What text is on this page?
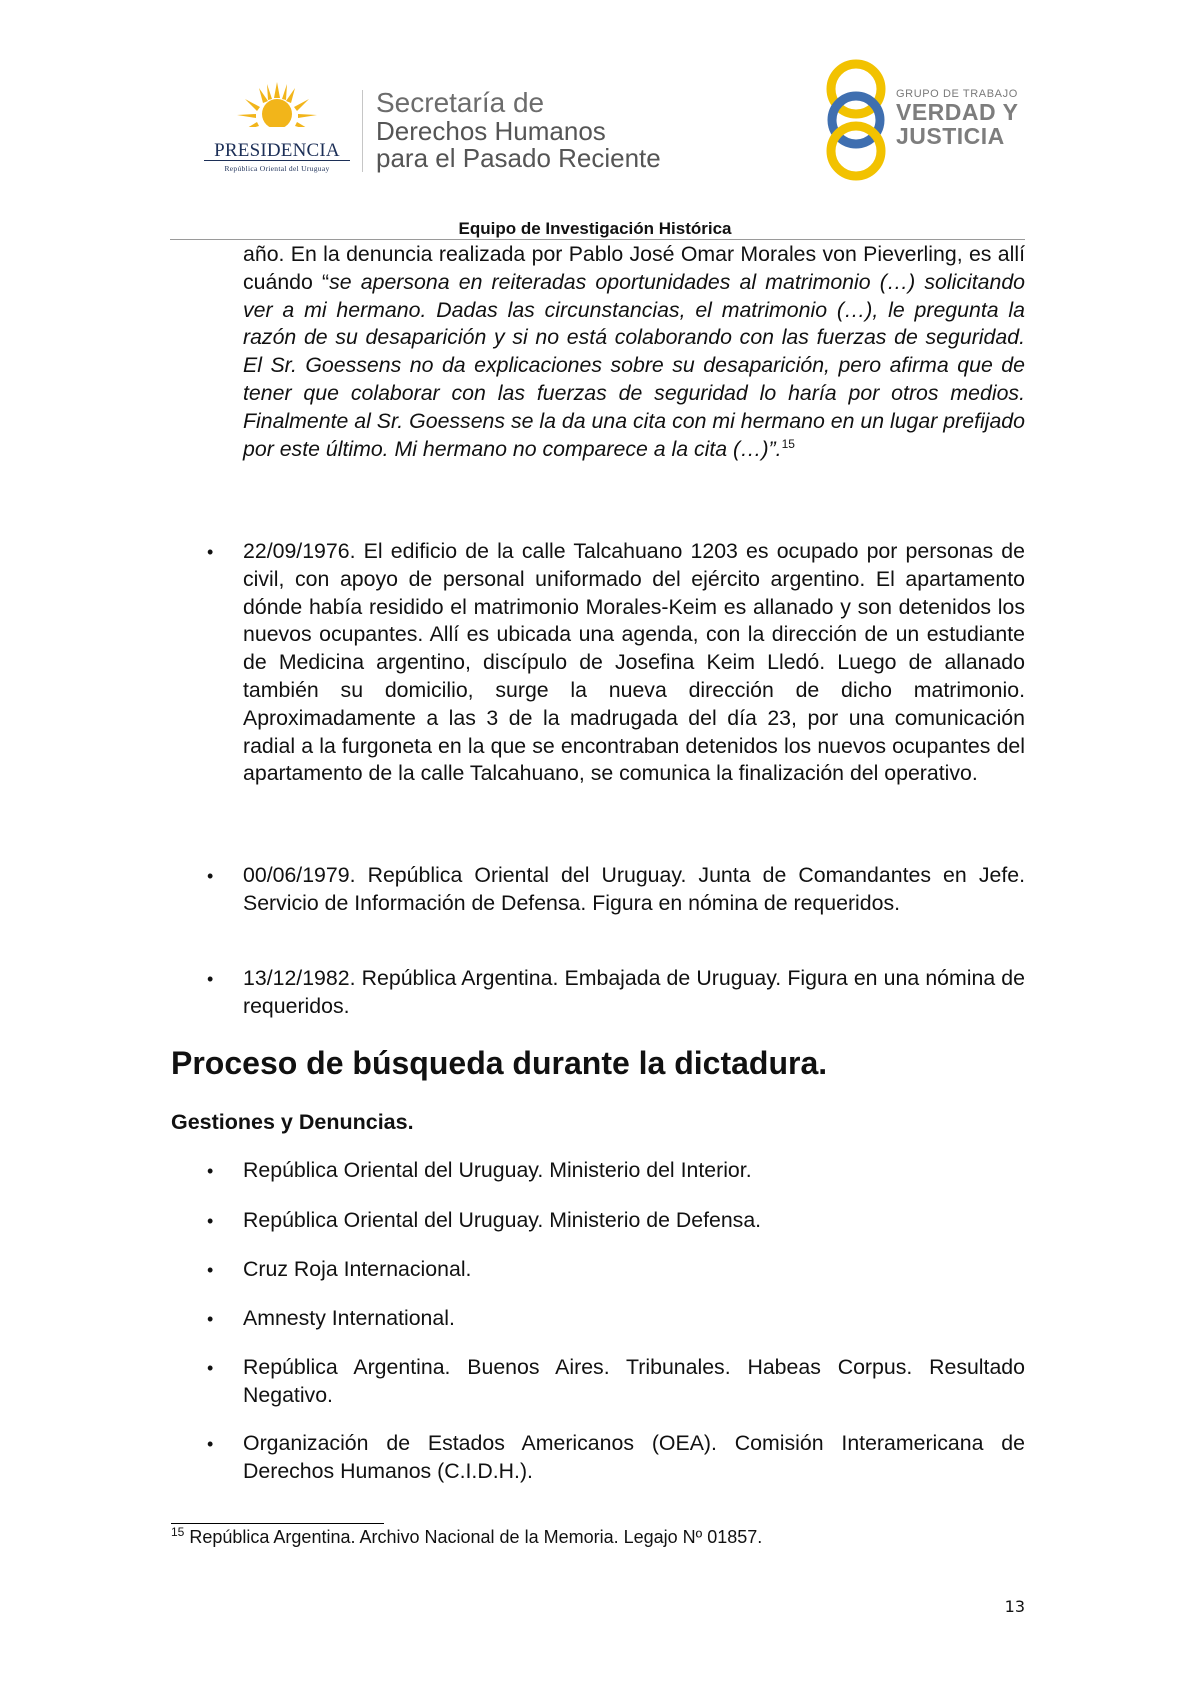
PRESIDENCIA
República Oriental del Uruguay
Secretaría de
Derechos Humanos
para el Pasado Reciente
GRUPO DE TRABAJO
VERDAD Y
JUSTICIA
Equipo de Investigación Histórica
año. En la denuncia realizada por Pablo José Omar Morales von Pieverling, es allí cuándo “se apersona en reiteradas oportunidades al matrimonio (…) solicitando ver a mi hermano. Dadas las circunstancias, el matrimonio (…), le pregunta la razón de su desaparición y si no está colaborando con las fuerzas de seguridad. El Sr. Goessens no da explicaciones sobre su desaparición, pero afirma que de tener que colaborar con las fuerzas de seguridad lo haría por otros medios. Finalmente al Sr. Goessens se la da una cita con mi hermano en un lugar prefijado por este último. Mi hermano no comparece a la cita (…)”.$^{15}$
• 22/09/1976. El edificio de la calle Talcahuano 1203 es ocupado por personas de civil, con apoyo de personal uniformado del ejército argentino. El apartamento dónde había residido el matrimonio Morales-Keim es allanado y son detenidos los nuevos ocupantes. Allí es ubicada una agenda, con la dirección de un estudiante de Medicina argentino, discípulo de Josefina Keim Lledó. Luego de allanado también su domicilio, surge la nueva dirección de dicho matrimonio. Aproximadamente a las 3 de la madrugada del día 23, por una comunicación radial a la furgoneta en la que se encontraban detenidos los nuevos ocupantes del apartamento de la calle Talcahuano, se comunica la finalización del operativo.
• 00/06/1979. República Oriental del Uruguay. Junta de Comandantes en Jefe. Servicio de Información de Defensa. Figura en nómina de requeridos.
• 13/12/1982. República Argentina. Embajada de Uruguay. Figura en una nómina de requeridos.
Proceso de búsqueda durante la dictadura.
Gestiones y Denuncias.
• República Oriental del Uruguay. Ministerio del Interior.
• República Oriental del Uruguay. Ministerio de Defensa.
• Cruz Roja Internacional.
• Amnesty International.
• República Argentina. Buenos Aires. Tribunales. Habeas Corpus. Resultado Negativo.
• Organización de Estados Americanos (OEA). Comisión Interamericana de Derechos Humanos (C.I.D.H.).
$^{15}$ República Argentina. Archivo Nacional de la Memoria. Legajo Nº 01857.
13
